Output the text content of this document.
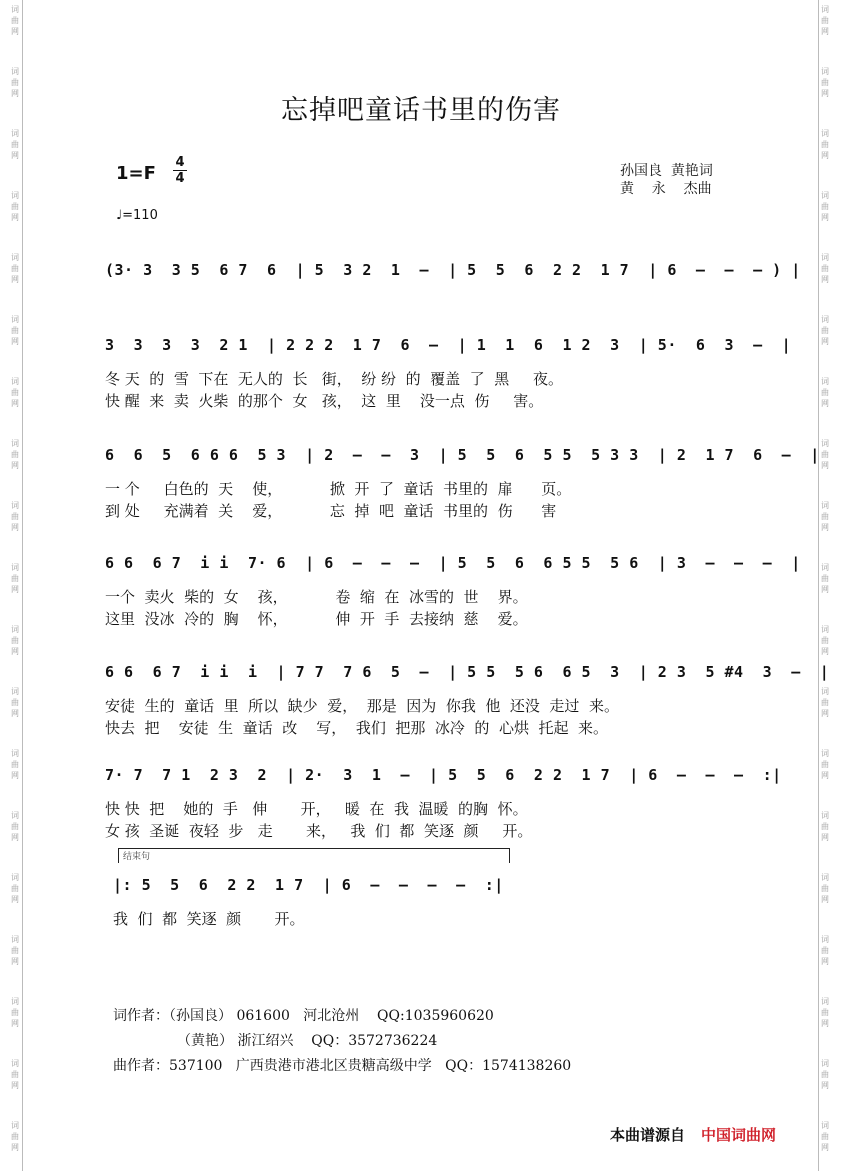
词
曲
网
词
曲
网
词
曲
网
词
曲
网
词
曲
网
词
曲
网
词
曲
网
词
曲
网
词
曲
网
词
曲
网
词
曲
网
词
曲
网
词
曲
网
词
曲
网
词
曲
网
词
曲
网
词
曲
网
词
曲
网
词
曲
网
词
曲
网
词
曲
网
词
曲
网
词
曲
网
词
曲
网
词
曲
网
词
曲
网
词
曲
网
词
曲
网
词
曲
网
词
曲
网
词
曲
网
词
曲
网
词
曲
网
词
曲
网
词
曲
网
词
曲
网
词
曲
网
词
曲
网
忘掉吧童话书里的伤害
1=F
4
4
♩=110
孙国良  黄艳词
黄    永    杰曲
(3· 3  3 5  6 7  6  | 5  3 2  1  –  | 5  5  6  2 2  1 7  | 6  –  –  – ) |
3  3  3  3  2 1  | 2 2 2  1 7  6  –  | 1  1  6  1 2  3  | 5·  6  3  –  |
冬 天  的  雪  下在  无人的  长   街，  纷 纷  的  覆盖  了  黑     夜。
快 醒  来  卖  火柴  的那个  女   孩，  这  里    没一点  伤     害。
6  6  5  6 6 6  5 3  | 2  –  –  3  | 5  5  6  5 5  5 3 3  | 2  1 7  6  –  |
一 个     白色的  天    使，          掀  开  了  童话  书里的  扉      页。
到 处     充满着  关    爱，          忘  掉  吧  童话  书里的  伤      害
6 6  6 7  i i  7· 6  | 6  –  –  –  | 5  5  6  6 5 5  5 6  | 3  –  –  –  |
一个  卖火  柴的  女    孩，          卷  缩  在  冰雪的  世    界。
这里  没冰  冷的  胸    怀，          伸  开  手  去接纳  慈    爱。
6 6  6 7  i i  i  | 7 7  7 6  5  –  | 5 5  5 6  6 5  3  | 2 3  5 #4  3  –  |
安徒  生的  童话  里  所以  缺少  爱，  那是  因为  你我  他  还没  走过  来。
快去  把    安徒  生  童话  改    写，  我们  把那  冰冷  的  心烘  托起  来。
7· 7  7 1  2 3  2  | 2·  3  1  –  | 5  5  6  2 2  1 7  | 6  –  –  –  :|
快 快  把    她的  手   伸       开，   暖  在  我  温暖  的胸  怀。
女 孩  圣诞  夜轻  步   走       来，   我  们  都  笑逐  颜     开。
|: 5  5  6  2 2  1 7  | 6  –  –  –  –  :|
我  们  都  笑逐  颜       开。
结束句
词作者：（孙国良） 061600   河北沧州    QQ:1035960620
（黄艳） 浙江绍兴    QQ：3572736224
曲作者：537100   广西贵港市港北区贵糖高级中学   QQ：1574138260
本曲谱源自 中国词曲网
